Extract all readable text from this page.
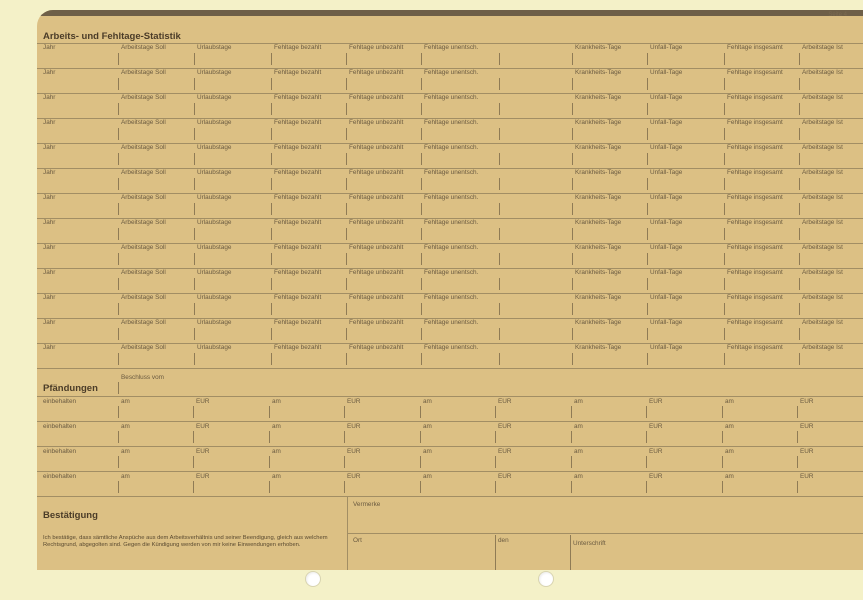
Seite 4
Arbeits- und Fehltage-Statistik
Jahr	Arbeitstage Soll	Urlaubstage	Fehltage bezahlt	Fehltage unbezahlt	Fehltage unentsch.	Krankheits-Tage	Unfall-Tage	Fehltage insgesamt	Arbeitstage Ist
Jahr	Arbeitstage Soll	Urlaubstage	Fehltage bezahlt	Fehltage unbezahlt	Fehltage unentsch.	Krankheits-Tage	Unfall-Tage	Fehltage insgesamt	Arbeitstage Ist
Jahr	Arbeitstage Soll	Urlaubstage	Fehltage bezahlt	Fehltage unbezahlt	Fehltage unentsch.	Krankheits-Tage	Unfall-Tage	Fehltage insgesamt	Arbeitstage Ist
Jahr	Arbeitstage Soll	Urlaubstage	Fehltage bezahlt	Fehltage unbezahlt	Fehltage unentsch.	Krankheits-Tage	Unfall-Tage	Fehltage insgesamt	Arbeitstage Ist
Jahr	Arbeitstage Soll	Urlaubstage	Fehltage bezahlt	Fehltage unbezahlt	Fehltage unentsch.	Krankheits-Tage	Unfall-Tage	Fehltage insgesamt	Arbeitstage Ist
Jahr	Arbeitstage Soll	Urlaubstage	Fehltage bezahlt	Fehltage unbezahlt	Fehltage unentsch.	Krankheits-Tage	Unfall-Tage	Fehltage insgesamt	Arbeitstage Ist
Jahr	Arbeitstage Soll	Urlaubstage	Fehltage bezahlt	Fehltage unbezahlt	Fehltage unentsch.	Krankheits-Tage	Unfall-Tage	Fehltage insgesamt	Arbeitstage Ist
Jahr	Arbeitstage Soll	Urlaubstage	Fehltage bezahlt	Fehltage unbezahlt	Fehltage unentsch.	Krankheits-Tage	Unfall-Tage	Fehltage insgesamt	Arbeitstage Ist
Jahr	Arbeitstage Soll	Urlaubstage	Fehltage bezahlt	Fehltage unbezahlt	Fehltage unentsch.	Krankheits-Tage	Unfall-Tage	Fehltage insgesamt	Arbeitstage Ist
Jahr	Arbeitstage Soll	Urlaubstage	Fehltage bezahlt	Fehltage unbezahlt	Fehltage unentsch.	Krankheits-Tage	Unfall-Tage	Fehltage insgesamt	Arbeitstage Ist
Jahr	Arbeitstage Soll	Urlaubstage	Fehltage bezahlt	Fehltage unbezahlt	Fehltage unentsch.	Krankheits-Tage	Unfall-Tage	Fehltage insgesamt	Arbeitstage Ist
Jahr	Arbeitstage Soll	Urlaubstage	Fehltage bezahlt	Fehltage unbezahlt	Fehltage unentsch.	Krankheits-Tage	Unfall-Tage	Fehltage insgesamt	Arbeitstage Ist
Jahr	Arbeitstage Soll	Urlaubstage	Fehltage bezahlt	Fehltage unbezahlt	Fehltage unentsch.	Krankheits-Tage	Unfall-Tage	Fehltage insgesamt	Arbeitstage Ist
Beschluss vom
Pfändungen
einbehalten	am	EUR	am	EUR	am	EUR	am	EUR	am	EUR
einbehalten	am	EUR	am	EUR	am	EUR	am	EUR	am	EUR
einbehalten	am	EUR	am	EUR	am	EUR	am	EUR	am	EUR
einbehalten	am	EUR	am	EUR	am	EUR	am	EUR	am	EUR
Bestätigung
Ich bestätige, dass sämtliche Anspüche aus dem Arbeitsverhältnis und seiner Beendigung, gleich aus welchem Rechtsgrund, abgegolten sind. Gegen die Kündigung werden von mir keine Einwendungen erhoben.
Vermerke
Ort	den	Unterschrift
